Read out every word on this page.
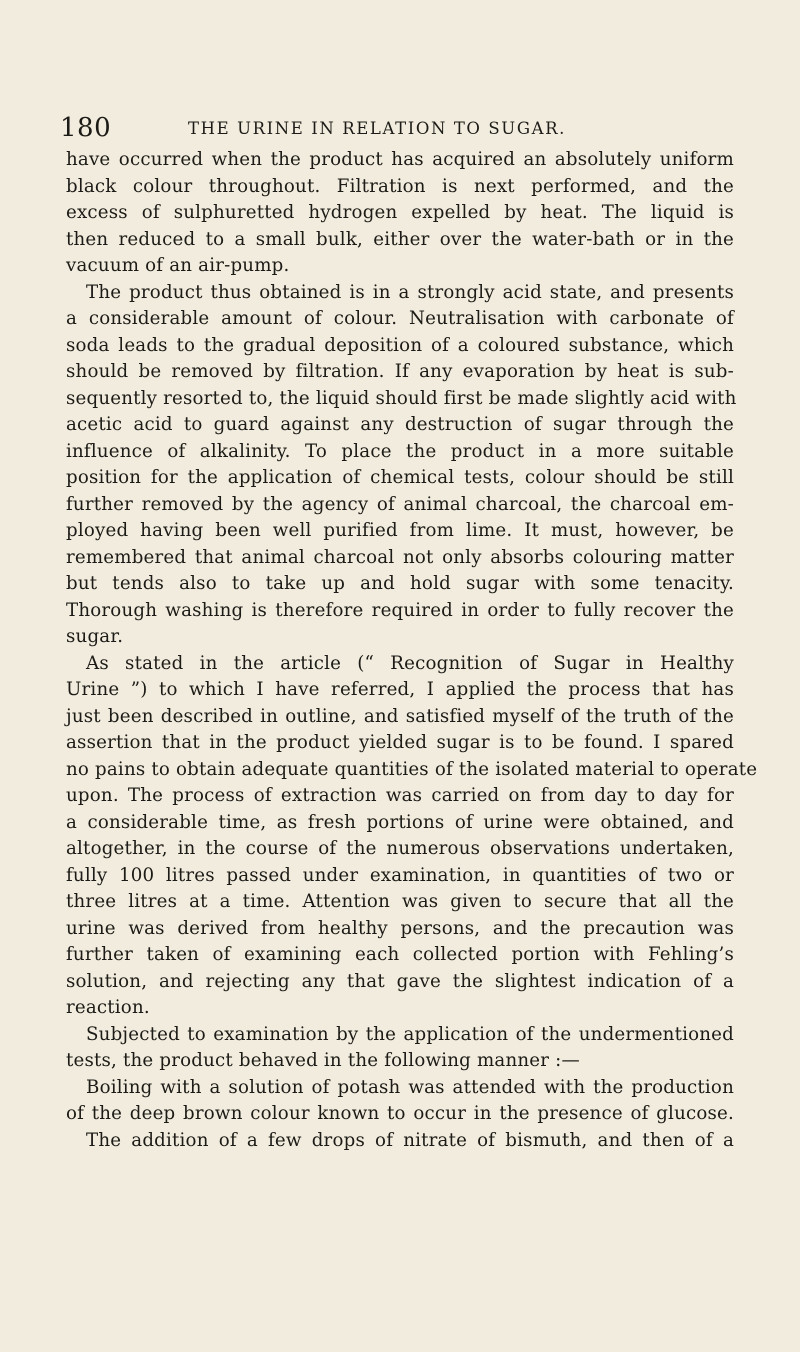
180	THE URINE IN RELATION TO SUGAR.
have occurred when the product has acquired an absolutely uniform
black colour throughout. Filtration is next performed, and the
excess of sulphuretted hydrogen expelled by heat. The liquid is
then reduced to a small bulk, either over the water-bath or in the
vacuum of an air-pump.
The product thus obtained is in a strongly acid state, and presents
a considerable amount of colour. Neutralisation with carbonate of
soda leads to the gradual deposition of a coloured substance, which
should be removed by filtration. If any evaporation by heat is sub-
sequently resorted to, the liquid should first be made slightly acid with
acetic acid to guard against any destruction of sugar through the
influence of alkalinity. To place the product in a more suitable
position for the application of chemical tests, colour should be still
further removed by the agency of animal charcoal, the charcoal em-
ployed having been well purified from lime. It must, however, be
remembered that animal charcoal not only absorbs colouring matter
but tends also to take up and hold sugar with some tenacity.
Thorough washing is therefore required in order to fully recover the
sugar.
As stated in the article (“ Recognition of Sugar in Healthy
Urine ”) to which I have referred, I applied the process that has
just been described in outline, and satisfied myself of the truth of the
assertion that in the product yielded sugar is to be found. I spared
no pains to obtain adequate quantities of the isolated material to operate
upon. The process of extraction was carried on from day to day for
a considerable time, as fresh portions of urine were obtained, and
altogether, in the course of the numerous observations undertaken,
fully 100 litres passed under examination, in quantities of two or
three litres at a time. Attention was given to secure that all the
urine was derived from healthy persons, and the precaution was
further taken of examining each collected portion with Fehling’s
solution, and rejecting any that gave the slightest indication of a
reaction.
Subjected to examination by the application of the undermentioned
tests, the product behaved in the following manner :—
Boiling with a solution of potash was attended with the production
of the deep brown colour known to occur in the presence of glucose.
The addition of a few drops of nitrate of bismuth, and then of a
